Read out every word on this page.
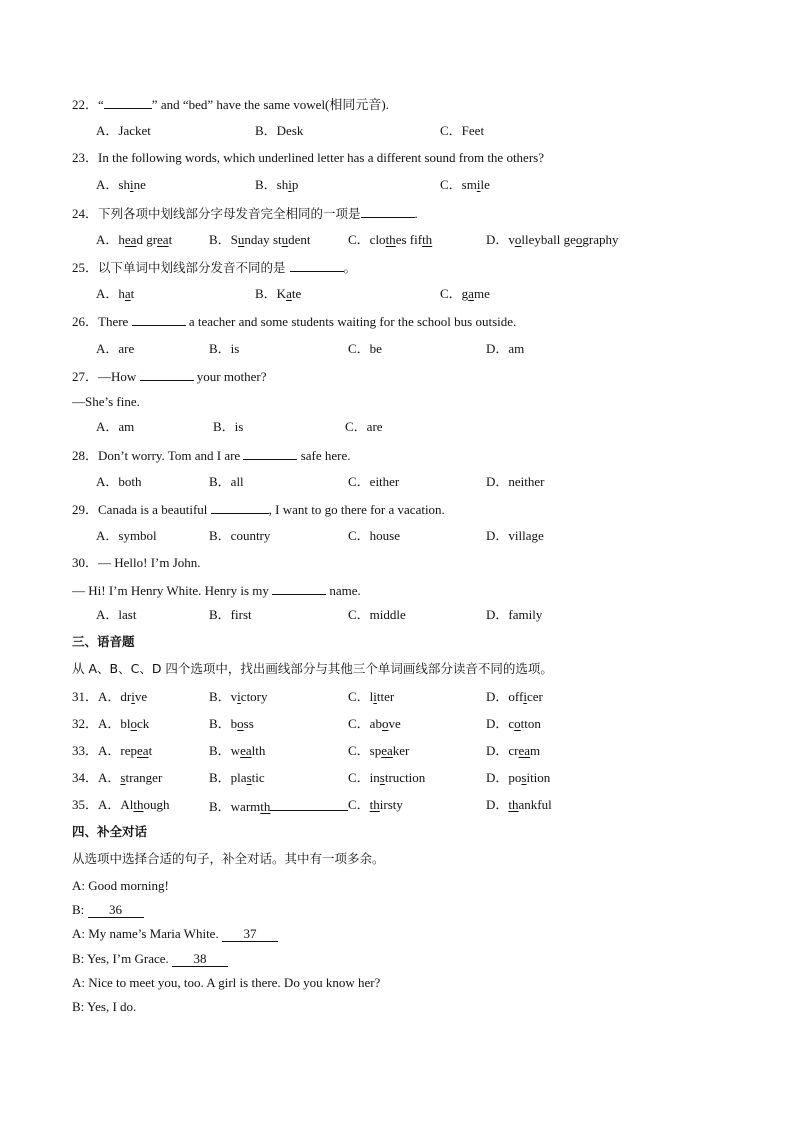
22．“	” and “bed” have the same vowel(相同元音).
A．Jacket	B．Desk	C．Feet
23．In the following words, which underlined letter has a different sound from the others?
A．shine	B．ship	C．smile
24．下列各项中划线部分字母发音完全相同的一项是	.
A．head great	B．Sunday student	C．clothes fifth	D．volleyball geography
25．以下单词中划线部分发音不同的是	。
A．hat	B．Kate	C．game
26．There	a teacher and some students waiting for the school bus outside.
A．are	B．is	C．be	D．am
27．—How	your mother?
—She’s fine.
A．am	B．is	C．are
28．Don’t worry. Tom and I are	safe here.
A．both	B．all	C．either	D．neither
29．Canada is a beautiful	, I want to go there for a vacation.
A．symbol	B．country	C．house	D．village
30．— Hello! I’m John.
— Hi! I’m Henry White. Henry is my	name.
A．last	B．first	C．middle	D．family
三、语音题
从 A、B、C、D 四个选项中，找出画线部分与其他三个单词画线部分读音不同的选项。
31．A．drive	B．victory	C．litter	D．officer
32．A．block	B．boss	C．above	D．cotton
33．A．repeat	B．wealth	C．speaker	D．cream
34．A．stranger	B．plastic	C．instruction	D．position
35．A．Although	B．warmth	C．thirsty	D．thankful
四、补全对话
从选项中选择合适的句子，补全对话。其中有一项多余。
A: Good morning!
B: 36
A: My name’s Maria White. 37
B: Yes, I’m Grace. 38
A: Nice to meet you, too. A girl is there. Do you know her?
B: Yes, I do.
